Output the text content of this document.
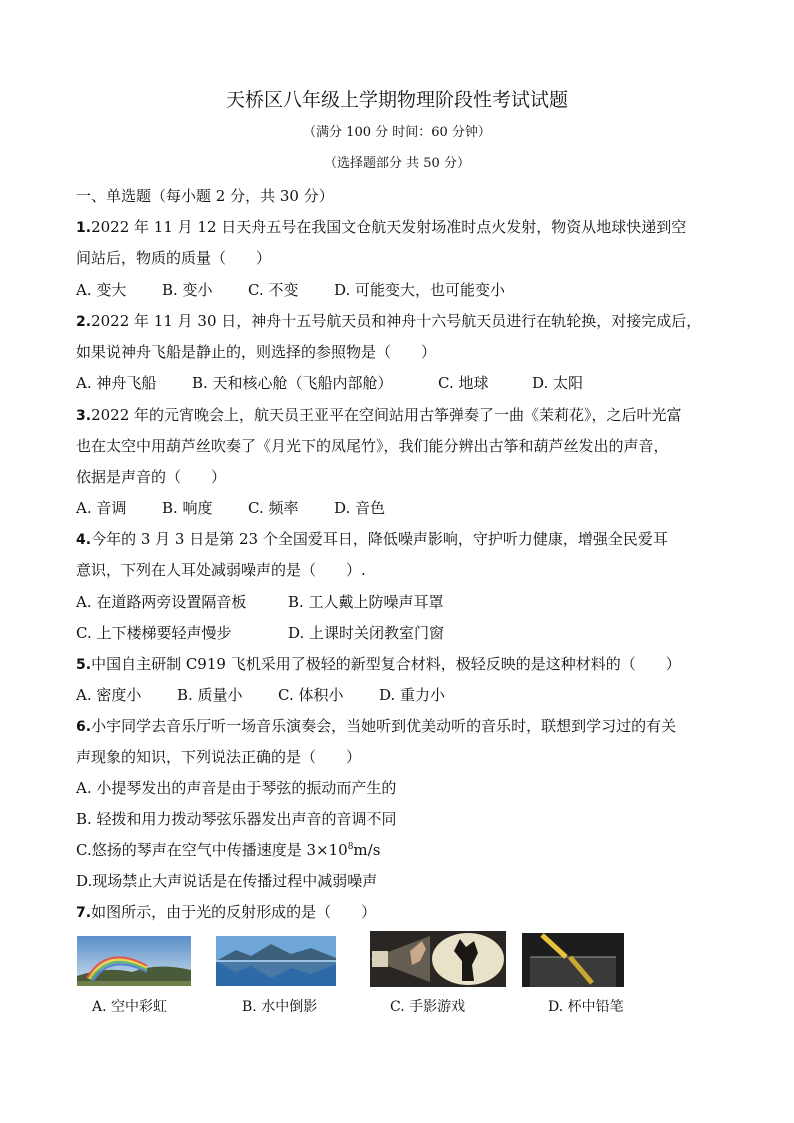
天桥区八年级上学期物理阶段性考试试题
（满分 100 分 时间：60 分钟）
（选择题部分 共 50 分）
一、单选题（每小题 2 分，共 30 分）
1.2022 年 11 月 12 日天舟五号在我国文仓航天发射场准时点火发射，物资从地球快递到空
间站后，物质的质量（　　）
A. 变大 B. 变小 C. 不变 D. 可能变大，也可能变小
2.2022 年 11 月 30 日，神舟十五号航天员和神舟十六号航天员进行在轨轮换，对接完成后，
如果说神舟飞船是静止的，则选择的参照物是（　　）
A. 神舟飞船 B. 天和核心舱（飞船内部舱）	C. 地球	D. 太阳
3.2022 年的元宵晚会上，航天员王亚平在空间站用古筝弹奏了一曲《茉莉花》，之后叶光富
也在太空中用葫芦丝吹奏了《月光下的凤尾竹》，我们能分辨出古筝和葫芦丝发出的声音，
依据是声音的（　　）
A. 音调 B. 响度 C. 频率 D. 音色
4.今年的 3 月 3 日是第 23 个全国爱耳日，降低噪声影响，守护听力健康，增强全民爱耳
意识，下列在人耳处减弱噪声的是（　　）.
A. 在道路两旁设置隔音板	B. 工人戴上防噪声耳罩
C. 上下楼梯要轻声慢步	D. 上课时关闭教室门窗
5.中国自主研制 C919 飞机采用了极轻的新型复合材料，极轻反映的是这种材料的（　　）
A. 密度小 B. 质量小 C. 体积小 D. 重力小
6.小宇同学去音乐厅听一场音乐演奏会，当她听到优美动听的音乐时，联想到学习过的有关
声现象的知识，下列说法正确的是（　　）
A. 小提琴发出的声音是由于琴弦的振动而产生的
B. 轻拨和用力拨动琴弦乐器发出声音的音调不同
C.悠扬的琴声在空气中传播速度是 $3\times 10^8m/s$
D.现场禁止大声说话是在传播过程中减弱噪声
7.如图所示，由于光的反射形成的是（　　）
A. 空中彩虹	B. 水中倒影	C. 手影游戏	D. 杯中铅笔
